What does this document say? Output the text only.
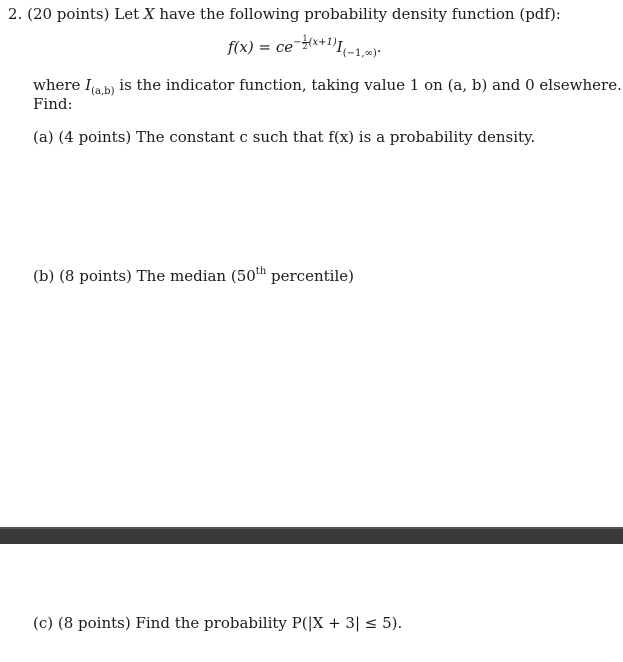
2. (20 points) Let X have the following probability density function (pdf):
$f(x) = ce^{- \frac{1}{2} (x+1)}I_{(-1,\infty)}$.
where $I_{(a,b)}$ is the indicator function, taking value 1 on (a, b) and 0 elsewhere.
Find:
(a) (4 points) The constant c such that f(x) is a probability density.
(b) (8 points) The median (50th percentile)
(c) (8 points) Find the probability P(|X + 3| ≤ 5).
